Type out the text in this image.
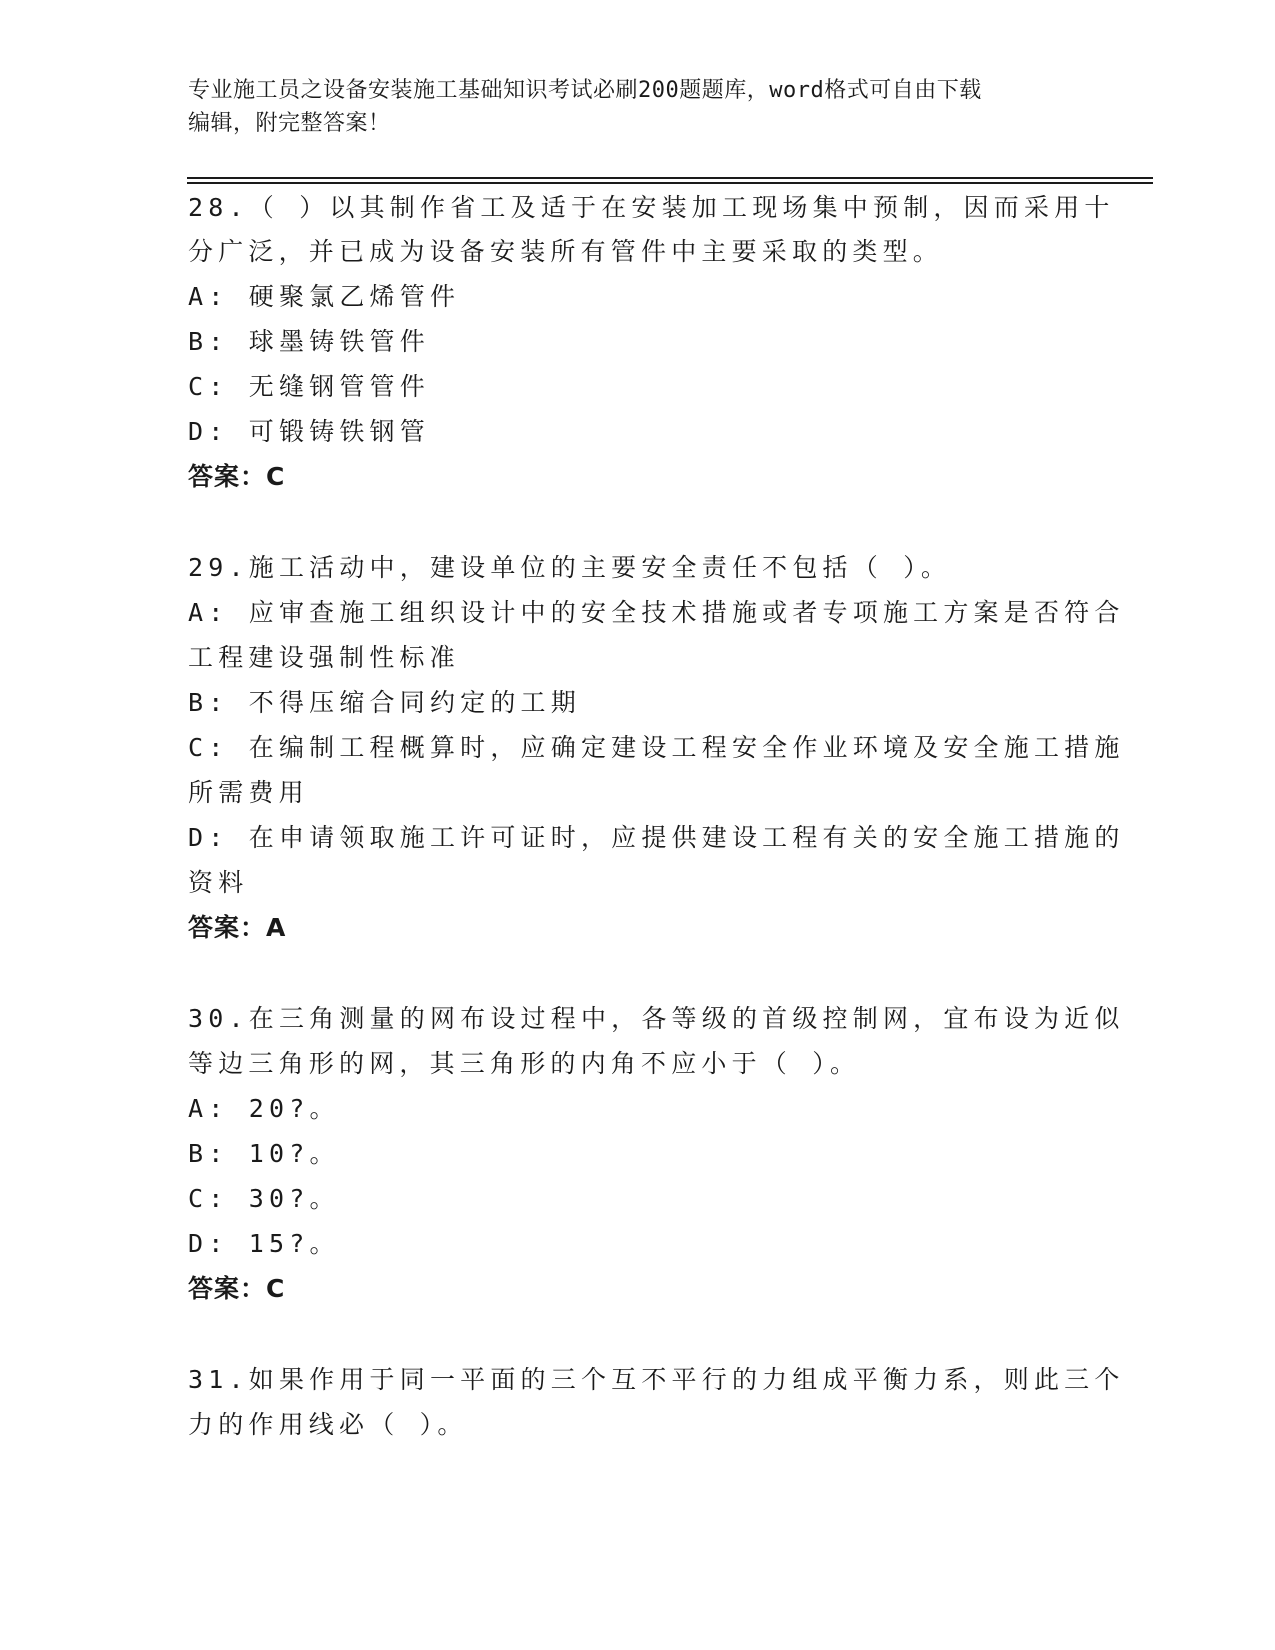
专业施工员之设备安装施工基础知识考试必刷200题题库，word格式可自由下载
编辑，附完整答案！
28.（ ）以其制作省工及适于在安装加工现场集中预制，因而采用十
分广泛，并已成为设备安装所有管件中主要采取的类型。
A: 硬聚氯乙烯管件
B: 球墨铸铁管件
C: 无缝钢管管件
D: 可锻铸铁钢管
答案：C
29.施工活动中，建设单位的主要安全责任不包括（ ）。
A: 应审查施工组织设计中的安全技术措施或者专项施工方案是否符合
工程建设强制性标准
B: 不得压缩合同约定的工期
C: 在编制工程概算时，应确定建设工程安全作业环境及安全施工措施
所需费用
D: 在申请领取施工许可证时，应提供建设工程有关的安全施工措施的
资料
答案：A
30.在三角测量的网布设过程中，各等级的首级控制网，宜布设为近似
等边三角形的网，其三角形的内角不应小于（ ）。
A: 20?。
B: 10?。
C: 30?。
D: 15?。
答案：C
31.如果作用于同一平面的三个互不平行的力组成平衡力系，则此三个
力的作用线必（ ）。
